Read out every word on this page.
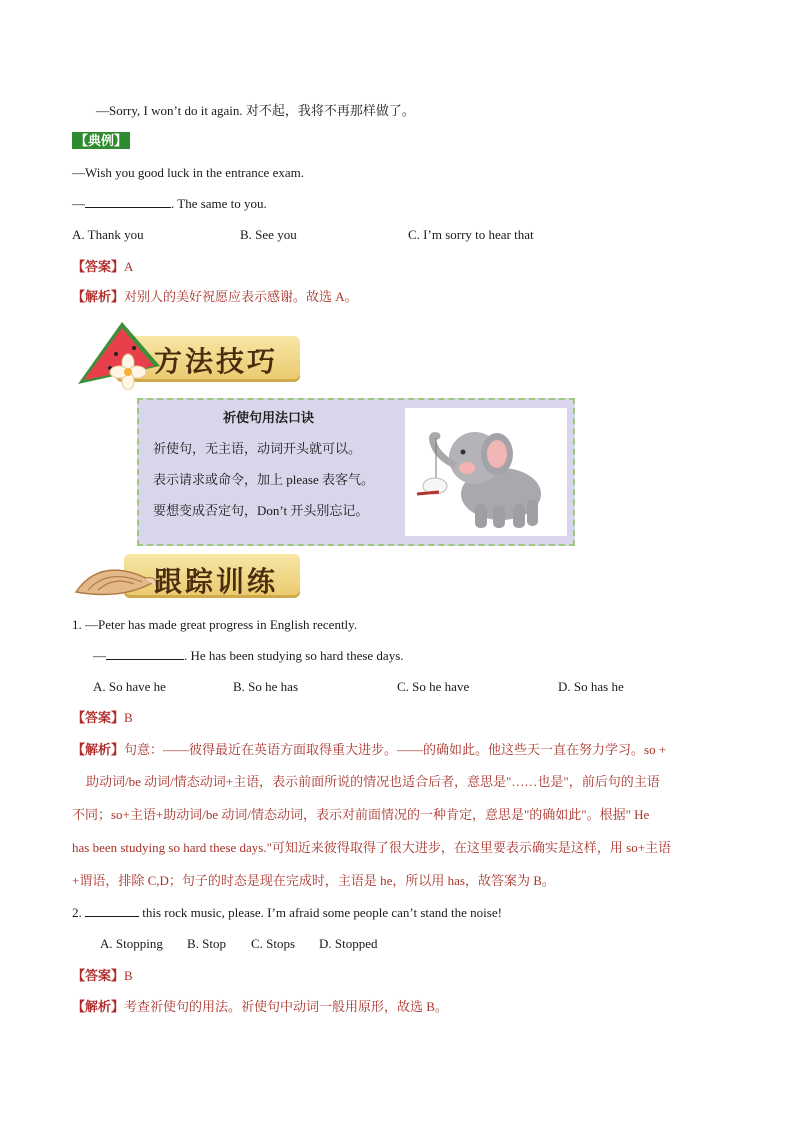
—Sorry, I won’t do it again. 对不起，我将不再那样做了。
【典例】
—Wish you good luck in the entrance exam.
—	. The same to you.
A. Thank you	B. See you	C. I’m sorry to hear that
【答案】A
【解析】对别人的美好祝愿应表示感谢。故选 A。
方法技巧
祈使句用法口诀
祈使句，无主语，动词开头就可以。
表示请求或命令，加上 please 表客气。
要想变成否定句，Don’t 开头别忘记。
跟踪训练
1. —Peter has made great progress in English recently.
—	. He has been studying so hard these days.
A. So have he	B. So he has	C. So he have	D. So has he
【答案】B
【解析】句意：——彼得最近在英语方面取得重大进步。——的确如此。他这些天一直在努力学习。so +
助动词/be 动词/情态动词+主语，表示前面所说的情况也适合后者，意思是"……也是"，前后句的主语
不同；so+主语+助动词/be 动词/情态动词，表示对前面情况的一种肯定，意思是"的确如此"。根据" He
has been studying so hard these days."可知近来彼得取得了很大进步，在这里要表示确实是这样，用 so+主语
+谓语，排除 C,D；句子的时态是现在完成时，主语是 he，所以用 has，故答案为 B。
2.	this rock music, please. I’m afraid some people can’t stand the noise!
A. Stopping B. Stop C. Stops D. Stopped
【答案】B
【解析】考查祈使句的用法。祈使句中动词一般用原形，故选 B。
